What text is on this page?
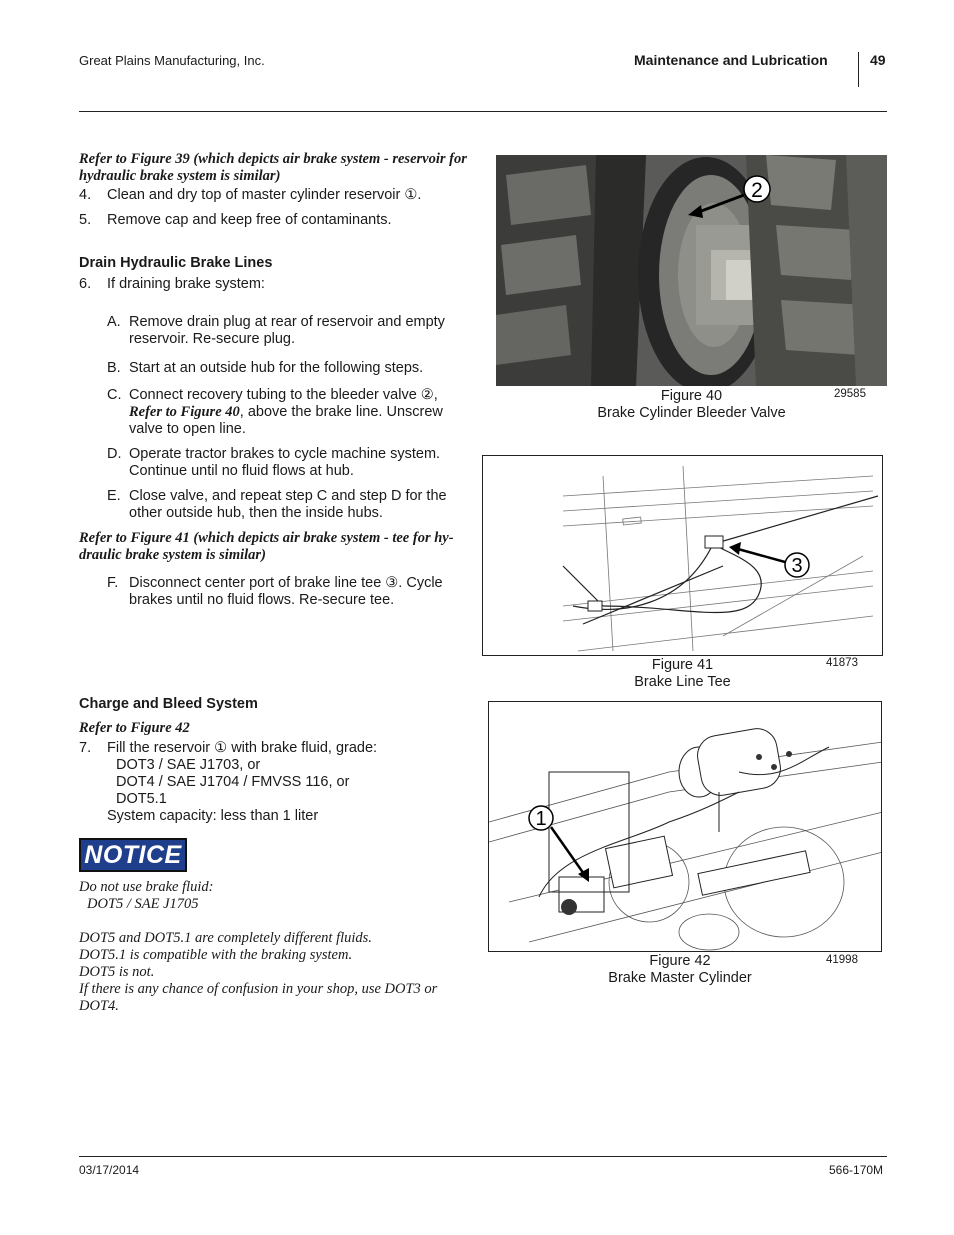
Great Plains Manufacturing, Inc.	Maintenance and Lubrication	49
Refer to Figure 39 (which depicts air brake system - reservoir for hydraulic brake system is similar)
4. Clean and dry top of master cylinder reservoir ①.
5. Remove cap and keep free of contaminants.
Drain Hydraulic Brake Lines
6. If draining brake system:
A. Remove drain plug at rear of reservoir and empty
reservoir. Re-secure plug.
B. Start at an outside hub for the following steps.
C. Connect recovery tubing to the bleeder valve ②,
Refer to Figure 40, above the brake line. Unscrew
valve to open line.
D. Operate tractor brakes to cycle machine system.
Continue until no fluid flows at hub.
E. Close valve, and repeat step C and step D for the
other outside hub, then the inside hubs.
Refer to Figure 41 (which depicts air brake system - tee for hy-
draulic brake system is similar)
F. Disconnect center port of brake line tee ③. Cycle
brakes until no fluid flows. Re-secure tee.
Charge and Bleed System
Refer to Figure 42
7. Fill the reservoir ① with brake fluid, grade:
DOT3 / SAE J1703, or
DOT4 / SAE J1704 / FMVSS 116, or
DOT5.1
System capacity: less than 1 liter
NOTICE
Do not use brake fluid:
DOT5 / SAE J1705
DOT5 and DOT5.1 are completely different fluids.
DOT5.1 is compatible with the braking system.
DOT5 is not.
If there is any chance of confusion in your shop, use DOT3 or
DOT4.
2
Figure 40
Brake Cylinder Bleeder Valve
29585
3
Figure 41
Brake Line Tee
41873
1
Figure 42
Brake Master Cylinder
41998
03/17/2014	566-170M
